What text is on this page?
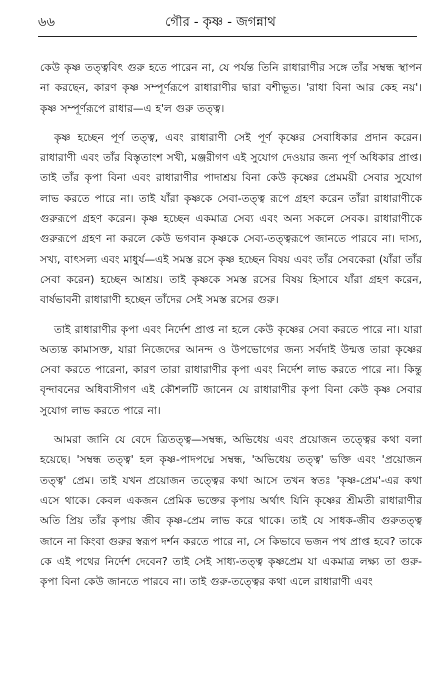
৬৬	গৌর - কৃষ্ণ - জগন্নাথ

কেউ কৃষ্ণ তত্ত্ববিৎ গুরু হতে পারেন না, যে পর্যন্ত তিনি রাধারাণীর সঙ্গে তাঁর সম্বন্ধ স্থাপন না করছেন, কারণ কৃষ্ণ সম্পূর্ণরূপে রাধারাণীর দ্বারা বশীভূত। 'রাধা বিনা আর কেহ নয়'। কৃষ্ণ সম্পূর্ণরূপে রাধার—এ হ'ল গুরু তত্ত্ব।

কৃষ্ণ হচ্ছেন পূর্ণ তত্ত্ব, এবং রাধারাণী সেই পূর্ণ কৃষ্ণের সেবাধিকার প্রদান করেন। রাধারাণী এবং তাঁর বিস্তৃতাংশ সখী, মঞ্জরীগণ এই সুযোগ দেওয়ার জন্য পূর্ণ অধিকার প্রাপ্ত। তাই তাঁর কৃপা বিনা এবং রাধারাণীর পাদাশ্রয় বিনা কেউ কৃষ্ণের প্রেমময়ী সেবার সুযোগ লাভ করতে পারে না। তাই যাঁরা কৃষ্ণকে সেবা-তত্ত্ব রূপে গ্রহণ করেন তাঁরা রাধারাণীকে গুরুরূপে গ্রহণ করেন। কৃষ্ণ হচ্ছেন একমাত্র সেব্য এবং অন্য সকলে সেবক। রাধারাণীকে গুরুরূপে গ্রহণ না করলে কেউ ভগবান কৃষ্ণকে সেব্য-তত্ত্বরূপে জানতে পারবে না। দাস্য, সখ্য, বাৎসল্য এবং মাধুর্য—এই সমস্ত রসে কৃষ্ণ হচ্ছেন বিষয় এবং তাঁর সেবকেরা (যাঁরা তাঁর সেবা করেন) হচ্ছেন আশ্রয়। তাই কৃষ্ণকে সমস্ত রসের বিষয় হিসাবে যাঁরা গ্রহণ করেন, বার্ষভাবনী রাধারাণী হচ্ছেন তাঁদের সেই সমস্ত রসের গুরু।

তাই রাধারাণীর কৃপা এবং নির্দেশ প্রাপ্ত না হলে কেউ কৃষ্ণের সেবা করতে পারে না। যারা অত্যন্ত কামাসক্ত, যারা নিজেদের আনন্দ ও উপভোগের জন্য সর্বদাই উন্মত্ত তারা কৃষ্ণের সেবা করতে পারেনা, কারণ তারা রাধারাণীর কৃপা এবং নির্দেশ লাভ করতে পারে না। কিন্তু বৃন্দাবনের অধিবাসীগণ এই কৌশলটি জানেন যে রাধারাণীর কৃপা বিনা কেউ কৃষ্ণ সেবার সুযোগ লাভ করতে পারে না।

আমরা জানি যে বেদে ত্রিতত্ত্ব—সম্বন্ধ, অভিধেয় এবং প্রয়োজন তত্ত্বের কথা বলা হয়েছে। 'সম্বন্ধ তত্ত্ব' হল কৃষ্ণ-পাদপদ্মে সম্বন্ধ, 'অভিধেয় তত্ত্ব' ভক্তি এবং 'প্রয়োজন তত্ত্ব' প্রেম। তাই যখন প্রয়োজন তত্ত্বের কথা আসে তখন স্বতঃ 'কৃষ্ণ-প্রেম'-এর কথা এসে থাকে। কেবল একজন প্রেমিক ভক্তের কৃপায় অর্থাৎ যিনি কৃষ্ণের শ্রীমতী রাধারাণীর অতি প্রিয় তাঁর কৃপায় জীব কৃষ্ণ-প্রেম লাভ করে থাকে। তাই যে সাধক-জীব গুরুতত্ত্ব জানে না কিংবা গুরুর স্বরূপ দর্শন করতে পারে না, সে কিভাবে ভজন পথ প্রাপ্ত হবে? তাকে কে এই পথের নির্দেশ দেবেন? তাই সেই সাধ্য-তত্ত্ব কৃষ্ণপ্রেম যা একমাত্র লক্ষ্য তা গুরু-কৃপা বিনা কেউ জানতে পারবে না। তাই গুরু-তত্ত্বের কথা এলে রাধারাণী এবং
